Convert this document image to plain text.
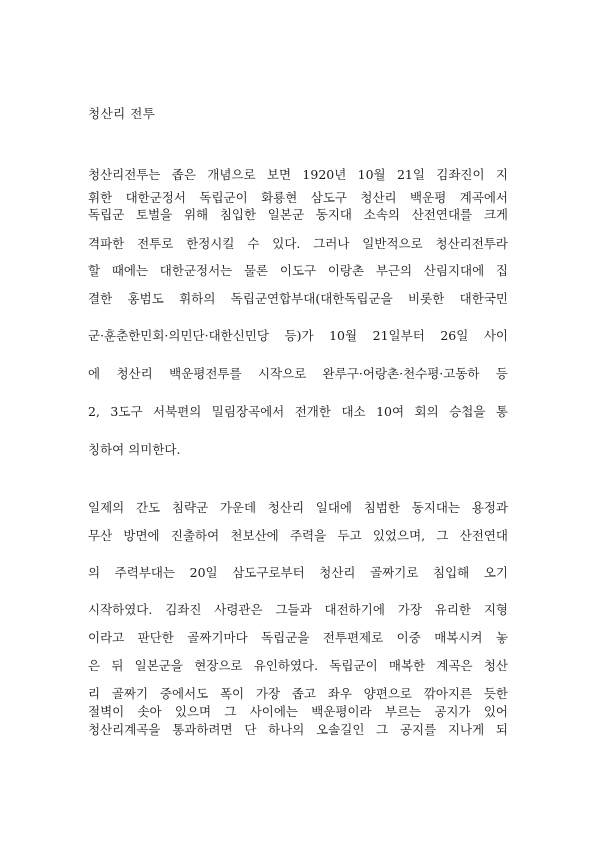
청산리 전투
청산리전투는 좁은 개념으로 보면 1920년 10월 21일 김좌진이 지
휘한 대한군정서 독립군이 화룡현 삼도구 청산리 백운평 계곡에서
독립군 토벌을 위해 침입한 일본군 동지대 소속의 산전연대를 크게
격파한 전투로 한정시킬 수 있다. 그러나 일반적으로 청산리전투라
할 때에는 대한군정서는 물론 이도구 이랑촌 부근의 산림지대에 집
결한 홍범도 휘하의 독립군연합부대(대한독립군을 비롯한 대한국민
군·훈춘한민회·의민단·대한신민당 등)가 10월 21일부터 26일 사이
에 청산리 백운평전투를 시작으로 완루구·어랑촌·천수평·고동하 등
2, 3도구 서북편의 밀림장곡에서 전개한 대소 10여 회의 승첩을 통
칭하여 의미한다.
일제의 간도 침략군 가운데 청산리 일대에 침범한 동지대는 용정과
무산 방면에 진출하여 천보산에 주력을 두고 있었으며, 그 산전연대
의 주력부대는 20일 삼도구로부터 청산리 골짜기로 침입해 오기
시작하였다. 김좌진 사령관은 그들과 대전하기에 가장 유리한 지형
이라고 판단한 골짜기마다 독립군을 전투편제로 이중 매복시켜 놓
은 뒤 일본군을 현장으로 유인하였다. 독립군이 매복한 계곡은 청산
리 골짜기 중에서도 폭이 가장 좁고 좌우 양편으로 깎아지른 듯한
절벽이 솟아 있으며 그 사이에는 백운평이라 부르는 공지가 있어
청산리계곡을 통과하려면 단 하나의 오솔길인 그 공지를 지나게 되
